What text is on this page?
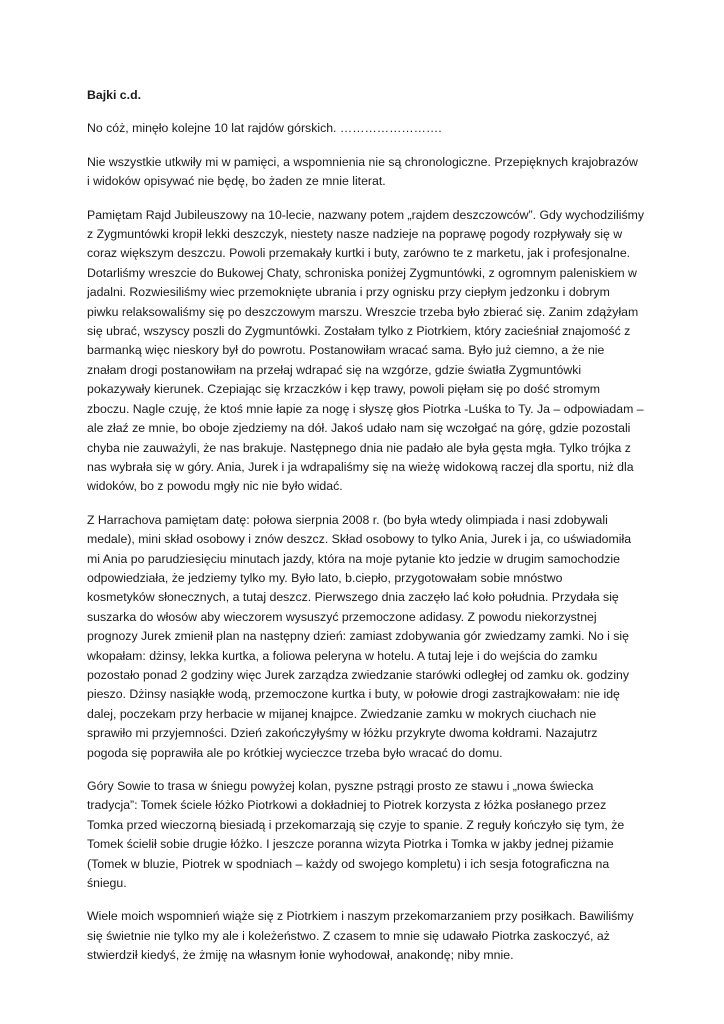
Bajki c.d.
No cóż, minęło kolejne 10 lat rajdów górskich. …………………….
Nie wszystkie utkwiły mi w pamięci, a wspomnienia nie są chronologiczne. Przepięknych krajobrazów
i widoków opisywać nie będę, bo żaden ze mnie literat.
Pamiętam Rajd Jubileuszowy na 10-lecie, nazwany potem „rajdem deszczowców”. Gdy wychodziliśmy
z Zygmuntówki kropił lekki deszczyk, niestety nasze nadzieje na poprawę pogody rozpływały się w
coraz większym deszczu. Powoli przemakały kurtki i buty, zarówno te z marketu, jak i profesjonalne.
Dotarliśmy wreszcie do Bukowej Chaty, schroniska poniżej Zygmuntówki, z ogromnym paleniskiem w
jadalni. Rozwiesiliśmy wiec przemoknięte ubrania i przy ognisku przy ciepłym jedzonku i dobrym
piwku relaksowaliśmy się po deszczowym marszu. Wreszcie trzeba było zbierać się. Zanim zdążyłam
się ubrać, wszyscy poszli do Zygmuntówki. Zostałam tylko z Piotrkiem, który zacieśniał znajomość z
barmanką więc nieskory był do powrotu. Postanowiłam wracać sama. Było już ciemno, a że nie
znałam drogi postanowiłam na przełaj wdrapać się na wzgórze, gdzie światła Zygmuntówki
pokazywały kierunek. Czepiając się krzaczków i kęp trawy, powoli pięłam się po dość stromym
zboczu. Nagle czuję, że ktoś mnie łapie za nogę i słyszę głos Piotrka -Luśka to Ty. Ja – odpowiadam –
ale złaź ze mnie, bo oboje zjedziemy na dół. Jakoś udało nam się wczołgać na górę, gdzie pozostali
chyba nie zauważyli, że nas brakuje. Następnego dnia nie padało ale była gęsta mgła. Tylko trójka z
nas wybrała się w góry. Ania, Jurek i ja wdrapaliśmy się na wieżę widokową raczej dla sportu, niż dla
widoków, bo z powodu mgły nic nie było widać.
Z Harrachova pamiętam datę: połowa sierpnia 2008 r. (bo była wtedy olimpiada i nasi zdobywali
medale), mini skład osobowy i znów deszcz. Skład osobowy to tylko Ania, Jurek i ja, co uświadomiła
mi Ania po parudziesięciu minutach jazdy, która na moje pytanie kto jedzie w drugim samochodzie
odpowiedziała, że jedziemy tylko my. Było lato, b.ciepło, przygotowałam sobie mnóstwo
kosmetyków słonecznych, a tutaj deszcz. Pierwszego dnia zaczęło lać koło południa. Przydała się
suszarka do włosów aby wieczorem wysuszyć przemoczone adidasy. Z powodu niekorzystnej
prognozy Jurek zmienił plan na następny dzień: zamiast zdobywania gór zwiedzamy zamki. No i się
wkopałam: dżinsy, lekka kurtka, a foliowa peleryna w hotelu. A tutaj leje i do wejścia do zamku
pozostało ponad 2 godziny więc Jurek zarządza zwiedzanie starówki odległej od zamku ok. godziny
pieszo. Dżinsy nasiąkłe wodą, przemoczone kurtka i buty, w połowie drogi zastrajkowałam: nie idę
dalej, poczekam przy herbacie w mijanej knajpce. Zwiedzanie zamku w mokrych ciuchach nie
sprawiło mi przyjemności. Dzień zakończyłyśmy w łóżku przykryte dwoma kołdrami. Nazajutrz
pogoda się poprawiła ale po krótkiej wycieczce trzeba było wracać do domu.
Góry Sowie to trasa w śniegu powyżej kolan, pyszne pstrągi prosto ze stawu i „nowa świecka
tradycja”: Tomek ściele łóżko Piotrkowi a dokładniej to Piotrek korzysta z łóżka posłanego przez
Tomka przed wieczorną biesiadą i przekomarzają się czyje to spanie. Z reguły kończyło się tym, że
Tomek ścielił sobie drugie łóżko. I jeszcze poranna wizyta Piotrka i Tomka w jakby jednej piżamie
(Tomek w bluzie, Piotrek w spodniach – każdy od swojego kompletu) i ich sesja fotograficzna na
śniegu.
Wiele moich wspomnień wiąże się z Piotrkiem i naszym przekomarzaniem przy posiłkach. Bawiliśmy
się świetnie nie tylko my ale i koleżeństwo. Z czasem to mnie się udawało Piotrka zaskoczyć, aż
stwierdził kiedyś, że żmiję na własnym łonie wyhodował, anakondę; niby mnie.
